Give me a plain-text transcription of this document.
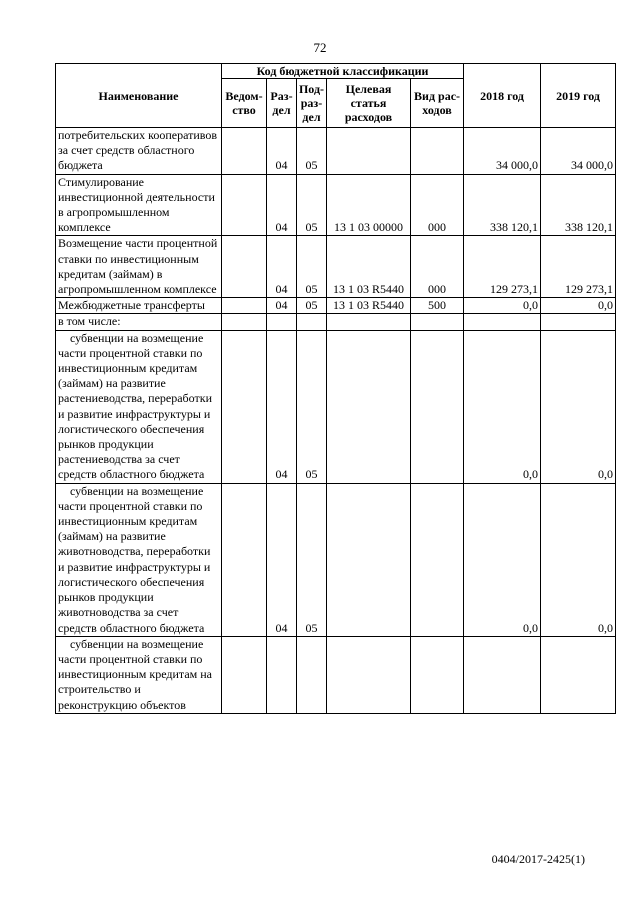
72
Наименование	Код бюджетной классификации					2018 год	2019 год
	Ведом-ство	Раз-дел	Под-раз-дел	Целевая статья расходов	Вид рас-ходов		
потребительских кооперативов за счет средств областного бюджета		04	05			34 000,0	34 000,0
Стимулирование инвестиционной деятельности в агропромышленном комплексе		04	05	13 1 03 00000	000	338 120,1	338 120,1
Возмещение части процентной ставки по инвестиционным кредитам (займам) в агропромышленном комплексе		04	05	13 1 03 R5440	000	129 273,1	129 273,1
Межбюджетные трансферты		04	05	13 1 03 R5440	500	0,0	0,0
в том числе:							
субвенции на возмещение части процентной ставки по инвестиционным кредитам (займам) на развитие растениеводства, переработки и развитие инфраструктуры и логистического обеспечения рынков продукции растениеводства за счет средств областного бюджета		04	05			0,0	0,0
субвенции на возмещение части процентной ставки по инвестиционным кредитам (займам) на развитие животноводства, переработки и развитие инфраструктуры и логистического обеспечения рынков продукции животноводства за счет средств областного бюджета		04	05			0,0	0,0
субвенции на возмещение части процентной ставки по инвестиционным кредитам на строительство и реконструкцию объектов							
0404/2017-2425(1)
